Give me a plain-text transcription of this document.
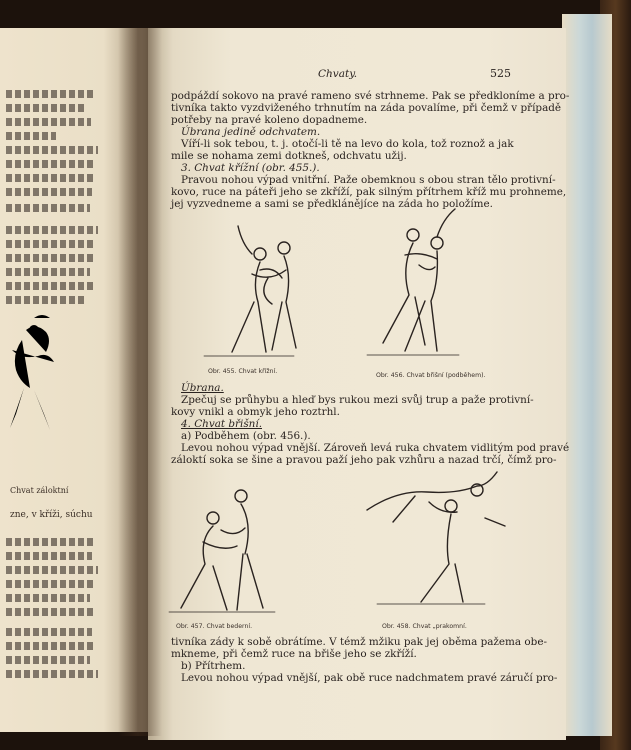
Chvat záloktní
zne, v kříži, súchu
Chvaty.	525
podpáždí sokovo na pravé rameno své strhneme. Pak se předkloníme a pro-
tivníka takto vyzdviženého trhnutím na záda povalíme, při čemž v případě
potřeby na pravé koleno dopadneme.
Úbrana jedině odchvatem.
Víří-li sok tebou, t. j. otočí-li tě na levo do kola, tož roznož a jak
mile se nohama zemi dotkneš, odchvatu užij.
3. Chvat křížní (obr. 455.).
Pravou nohou výpad vnitřní. Paže obemknou s obou stran tělo protivní-
kovo, ruce na páteři jeho se zkříží, pak silným přítrhem kříž mu prohneme,
jej vyzvedneme a sami se předklánějíce na záda ho položíme.
Obr. 455. Chvat křížní.
Obr. 456. Chvat břišní (podběhem).
Úbrana.
Zpečuj se průhybu a hleď bys rukou mezi svůj trup a paže protivní-
kovy vnikl a obmyk jeho roztrhl.
4. Chvat břišní.
a) Podběhem (obr. 456.).
Levou nohou výpad vnější. Zároveň levá ruka chvatem vidlitým pod pravé
záloktí soka se šine a pravou paží jeho pak vzhůru a nazad trčí, čímž pro-
Obr. 457. Chvat bederní.	Obr. 458. Chvat „prakomní.
tivníka zády k sobě obrátíme. V témž mžiku pak jej oběma pažema obe-
mkneme, při čemž ruce na břiše jeho se zkříží.
b) Přítrhem.
Levou nohou výpad vnější, pak obě ruce nadchmatem pravé záručí pro-
